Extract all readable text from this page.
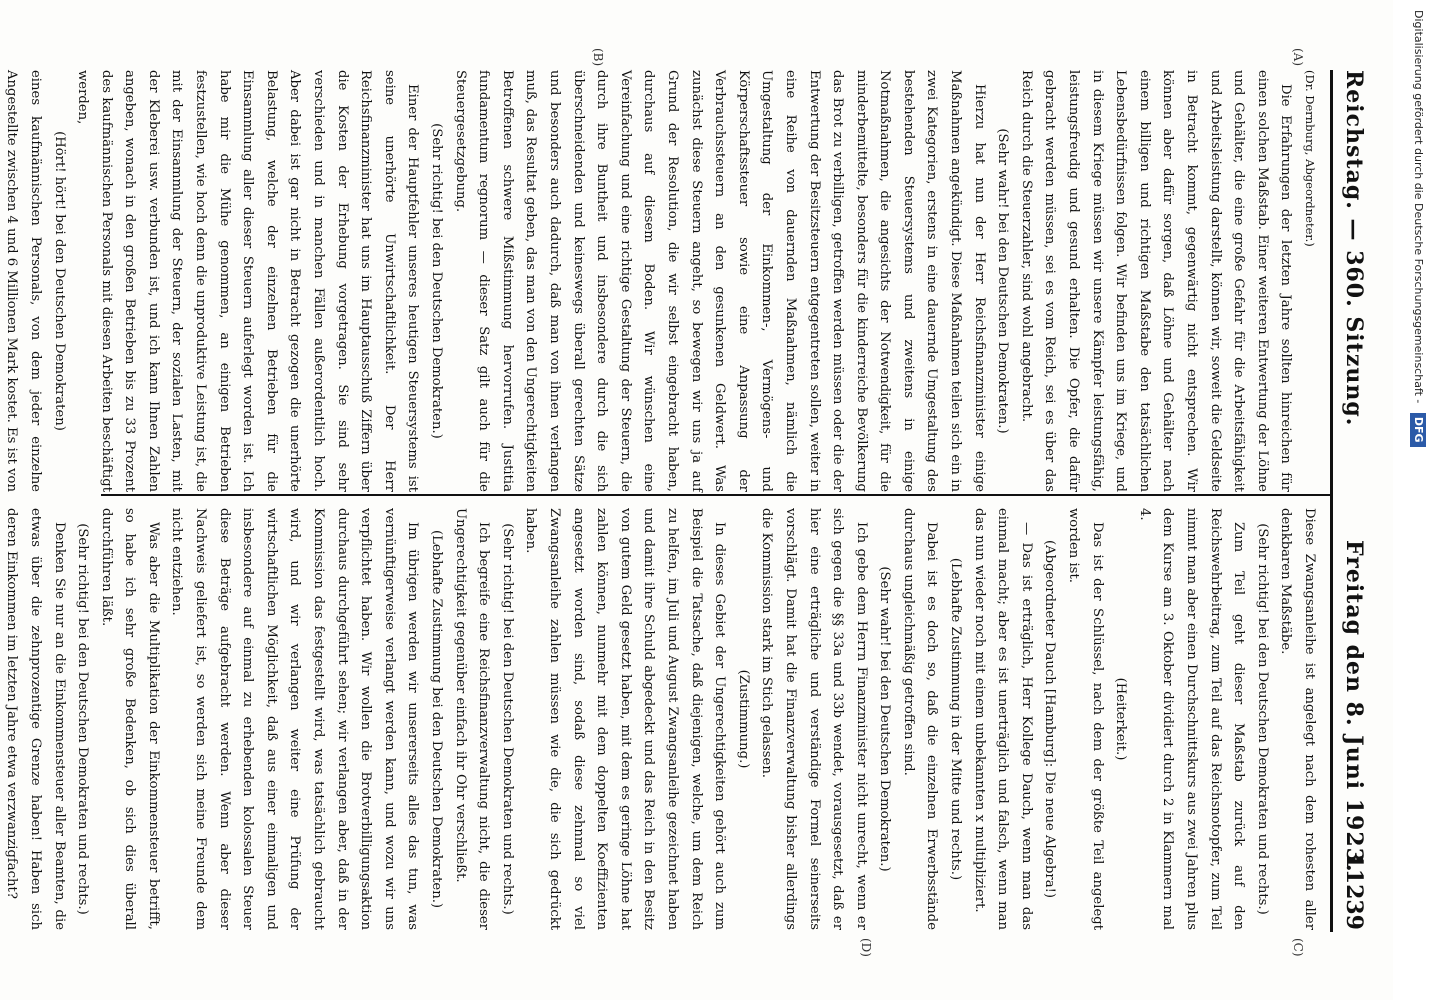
Reichstag. — 360. Sitzung.
Freitag den 8. Juni 1923.
11239
(A)
(B)
(C)
(D)

(Dr. Dernburg, Abgeordneter.)

Die Erfahrungen der letzten Jahre sollten hinreichen für einen solchen Maßstab. Einer weiteren Entwertung der Löhne und Gehälter, die eine große Gefahr für die Arbeitsfähigkeit und Arbeitsleistung darstellt, können wir, soweit die Geldseite in Betracht kommt, gegenwärtig nicht entsprechen. Wir können aber dafür sorgen, daß Löhne und Gehälter nach einem billigen und richtigen Maßstabe den tatsächlichen Lebensbedürfnissen folgen. Wir befinden uns im Kriege, und in diesem Kriege müssen wir unsere Kämpfer leistungsfähig, leistungsfreudig und gesund erhalten. Die Opfer, die dafür gebracht werden müssen, sei es vom Reich, sei es über das Reich durch die Steuerzahler, sind wohl angebracht.

(Sehr wahr! bei den Deutschen Demokraten.)

Hierzu hat nun der Herr Reichsfinanzminister einige Maßnahmen angekündigt. Diese Maßnahmen teilen sich ein in zwei Kategorien, erstens in eine dauernde Umgestaltung des bestehenden Steuersystems und zweitens in einige Notmaßnahmen, die angesichts der Notwendigkeit, für die minderbemittelte, besonders für die kinderreiche Bevölkerung das Brot zu verbilligen, getroffen werden müssen oder die der Entwertung der Besitzsteuern entgegentreten sollen, weiter in eine Reihe von dauernden Maßnahmen, nämlich die Umgestaltung der Einkommen-, Vermögens- und Körperschaftssteuer sowie eine Anpassung der Verbrauchssteuern an den gesunkenen Geldwert. Was zunächst diese Steuern angeht, so bewegen wir uns ja auf Grund der Resolution, die wir selbst eingebracht haben, durchaus auf diesem Boden. Wir wünschen eine Vereinfachung und eine richtige Gestaltung der Steuern, die durch ihre Buntheit und insbesondere durch die sich überschneidenden und keineswegs überall gerechten Sätze und besonders auch dadurch, daß man von ihnen verlangen muß, das Resultat geben, das man von den Ungerechtigkeiten Betroffenen schwere Mißstimmung hervorrufen. Justitia fundamentum regnorum — dieser Satz gilt auch für die Steuergesetzgebung.

(Sehr richtig! bei den Deutschen Demokraten.)

Einer der Hauptfehler unseres heutigen Steuersystems ist seine unerhörte Unwirtschaftlichkeit. Der Herr Reichsfinanzminister hat uns im Hauptausschuß Ziffern über die Kosten der Erhebung vorgetragen. Sie sind sehr verschieden und in manchen Fällen außerordentlich hoch. Aber dabei ist gar nicht in Betracht gezogen die unerhörte Belastung, welche der einzelnen Betrieben für die Einsammlung aller dieser Steuern auferlegt worden ist. Ich habe mir die Mühe genommen, an einigen Betrieben festzustellen, wie hoch denn die unproduktive Leistung ist, die mit der Einsammlung der Steuern, der sozialen Lasten, mit der Kleberei usw. verbunden ist, und ich kann Ihnen Zahlen angeben, wonach in den großen Betrieben bis zu 33 Prozent des kaufmännischen Personals mit diesen Arbeiten beschäftigt werden,

(Hört! hört! bei den Deutschen Demokraten)

eines kaufmännischen Personals, von dem jeder einzelne Angestellte zwischen 4 und 6 Millionen Mark kostet. Es ist von

Diese Zwangsanleihe ist angelegt nach dem rohesten aller denkbaren Maßstäbe.

(Sehr richtig! bei den Deutschen Demokraten und rechts.)

Zum Teil geht dieser Maßstab zurück auf den Reichswehrbeitrag, zum Teil auf das Reichsnotopfer, zum Teil nimmt man aber einen Durchschnittskurs aus zwei Jahren plus dem Kurse am 3. Oktober dividiert durch 2 in Klammern mal 4.

(Heiterkeit.)

Das ist der Schlüssel, nach dem der größte Teil angelegt worden ist.

(Abgeordneter Dauch [Hamburg]: Die neue Algebra!)

— Das ist erträglich, Herr Kollege Dauch, wenn man das einmal macht; aber es ist unerträglich und falsch, wenn man das nun wieder noch mit einem unbekannten x multipliziert.

(Lebhafte Zustimmung in der Mitte und rechts.)

Dabei ist es doch so, daß die einzelnen Erwerbsstände durchaus ungleichmäßig getroffen sind.

(Sehr wahr! bei den Deutschen Demokraten.)

Ich gebe dem Herrn Finanzminister nicht unrecht, wenn er sich gegen die §§ 33a und 33b wendet, vorausgesetzt, daß er hier eine erträgliche und verständige Formel seinerseits vorschlägt. Damit hat die Finanzverwaltung bisher allerdings die Kommission stark im Stich gelassen.

(Zustimmung.)

In dieses Gebiet der Ungerechtigkeiten gehört auch zum Beispiel die Tatsache, daß diejenigen, welche, um dem Reich zu helfen, im Juli und August Zwangsanleihe gezeichnet haben und damit ihre Schuld abgedeckt und das Reich in den Besitz von gutem Geld gesetzt haben, mit dem es geringe Löhne hat zahlen können, nunmehr mit dem doppelten Koeffizienten angesetzt worden sind, sodaß diese zehnmal so viel Zwangsanleihe zahlen müssen wie die, die sich gedrückt haben.

(Sehr richtig! bei den Deutschen Demokraten und rechts.)

Ich begreife eine Reichsfinanzverwaltung nicht, die dieser Ungerechtigkeit gegenüber einfach ihr Ohr verschließt.

(Lebhafte Zustimmung bei den Deutschen Demokraten.)

Im übrigen werden wir unsererseits alles das tun, was vernünftigerweise verlangt werden kann, und wozu wir uns verpflichtet haben. Wir wollen die Brotverbilligungsaktion durchaus durchgeführt sehen; wir verlangen aber, daß in der Kommission das festgestellt wird, was tatsächlich gebraucht wird, und wir verlangen weiter eine Prüfung der wirtschaftlichen Möglichkeit, daß aus einer einmaligen und insbesondere auf einmal zu erhebenden kolossalen Steuer diese Beträge aufgebracht werden. Wenn aber dieser Nachweis geliefert ist, so werden sich meine Freunde dem nicht entziehen.

Was aber die Multiplikation der Einkommensteuer betrifft, so habe ich sehr große Bedenken, ob sich dies überall durchführen läßt.

(Sehr richtig! bei den Deutschen Demokraten und rechts.)

Denken Sie nur an die Einkommensteuer aller Beamten, die etwas über die zehnprozentige Grenze haben! Haben sich deren Einkommen im letzten Jahre etwa verzwanzigfacht?

Digitalisierung gefördert durch die Deutsche Forschungsgemeinschaft - DFG
